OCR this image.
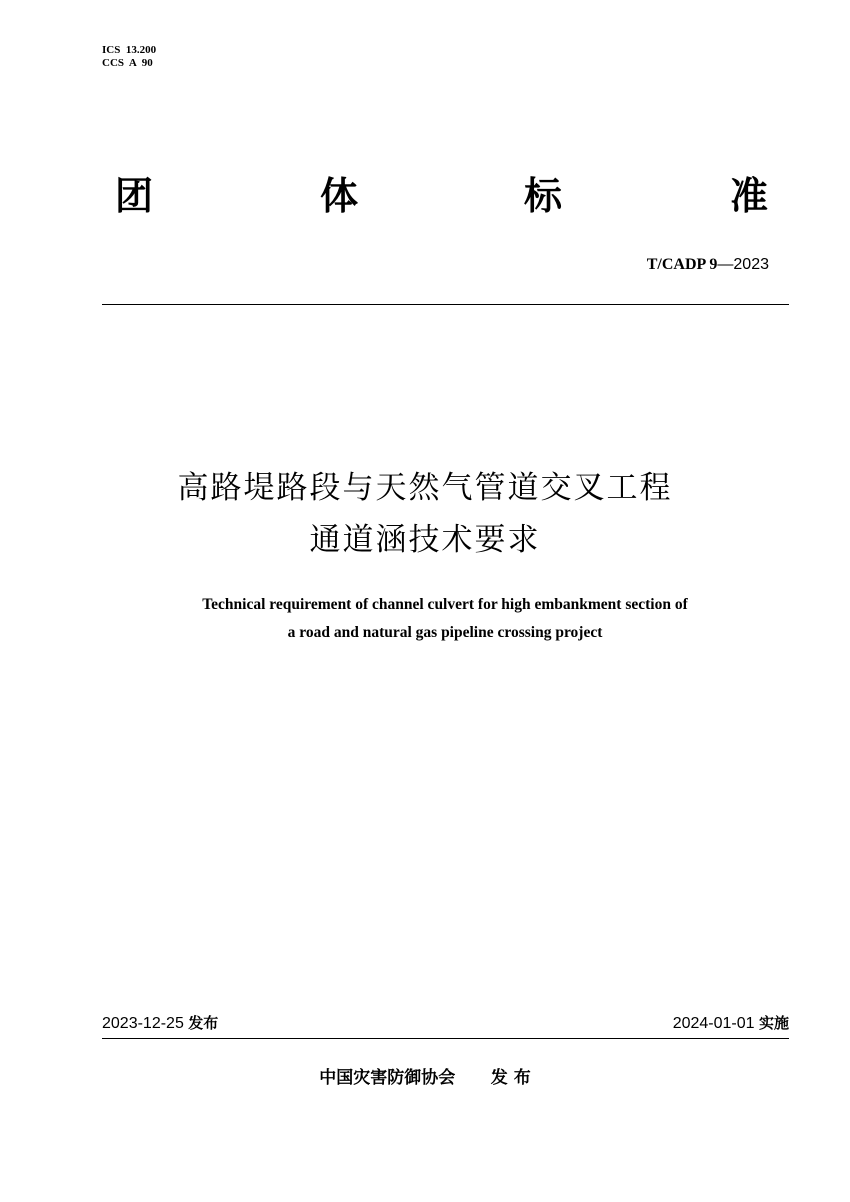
ICS  13.200
CCS  A  90
团	体	标	准
T/CADP 9—2023
高路堤路段与天然气管道交叉工程
通道涵技术要求
Technical requirement of channel culvert for high embankment section of
a road and natural gas pipeline crossing project
2023-12-25 发布	2024-01-01 实施
中国灾害防御协会 发 布
